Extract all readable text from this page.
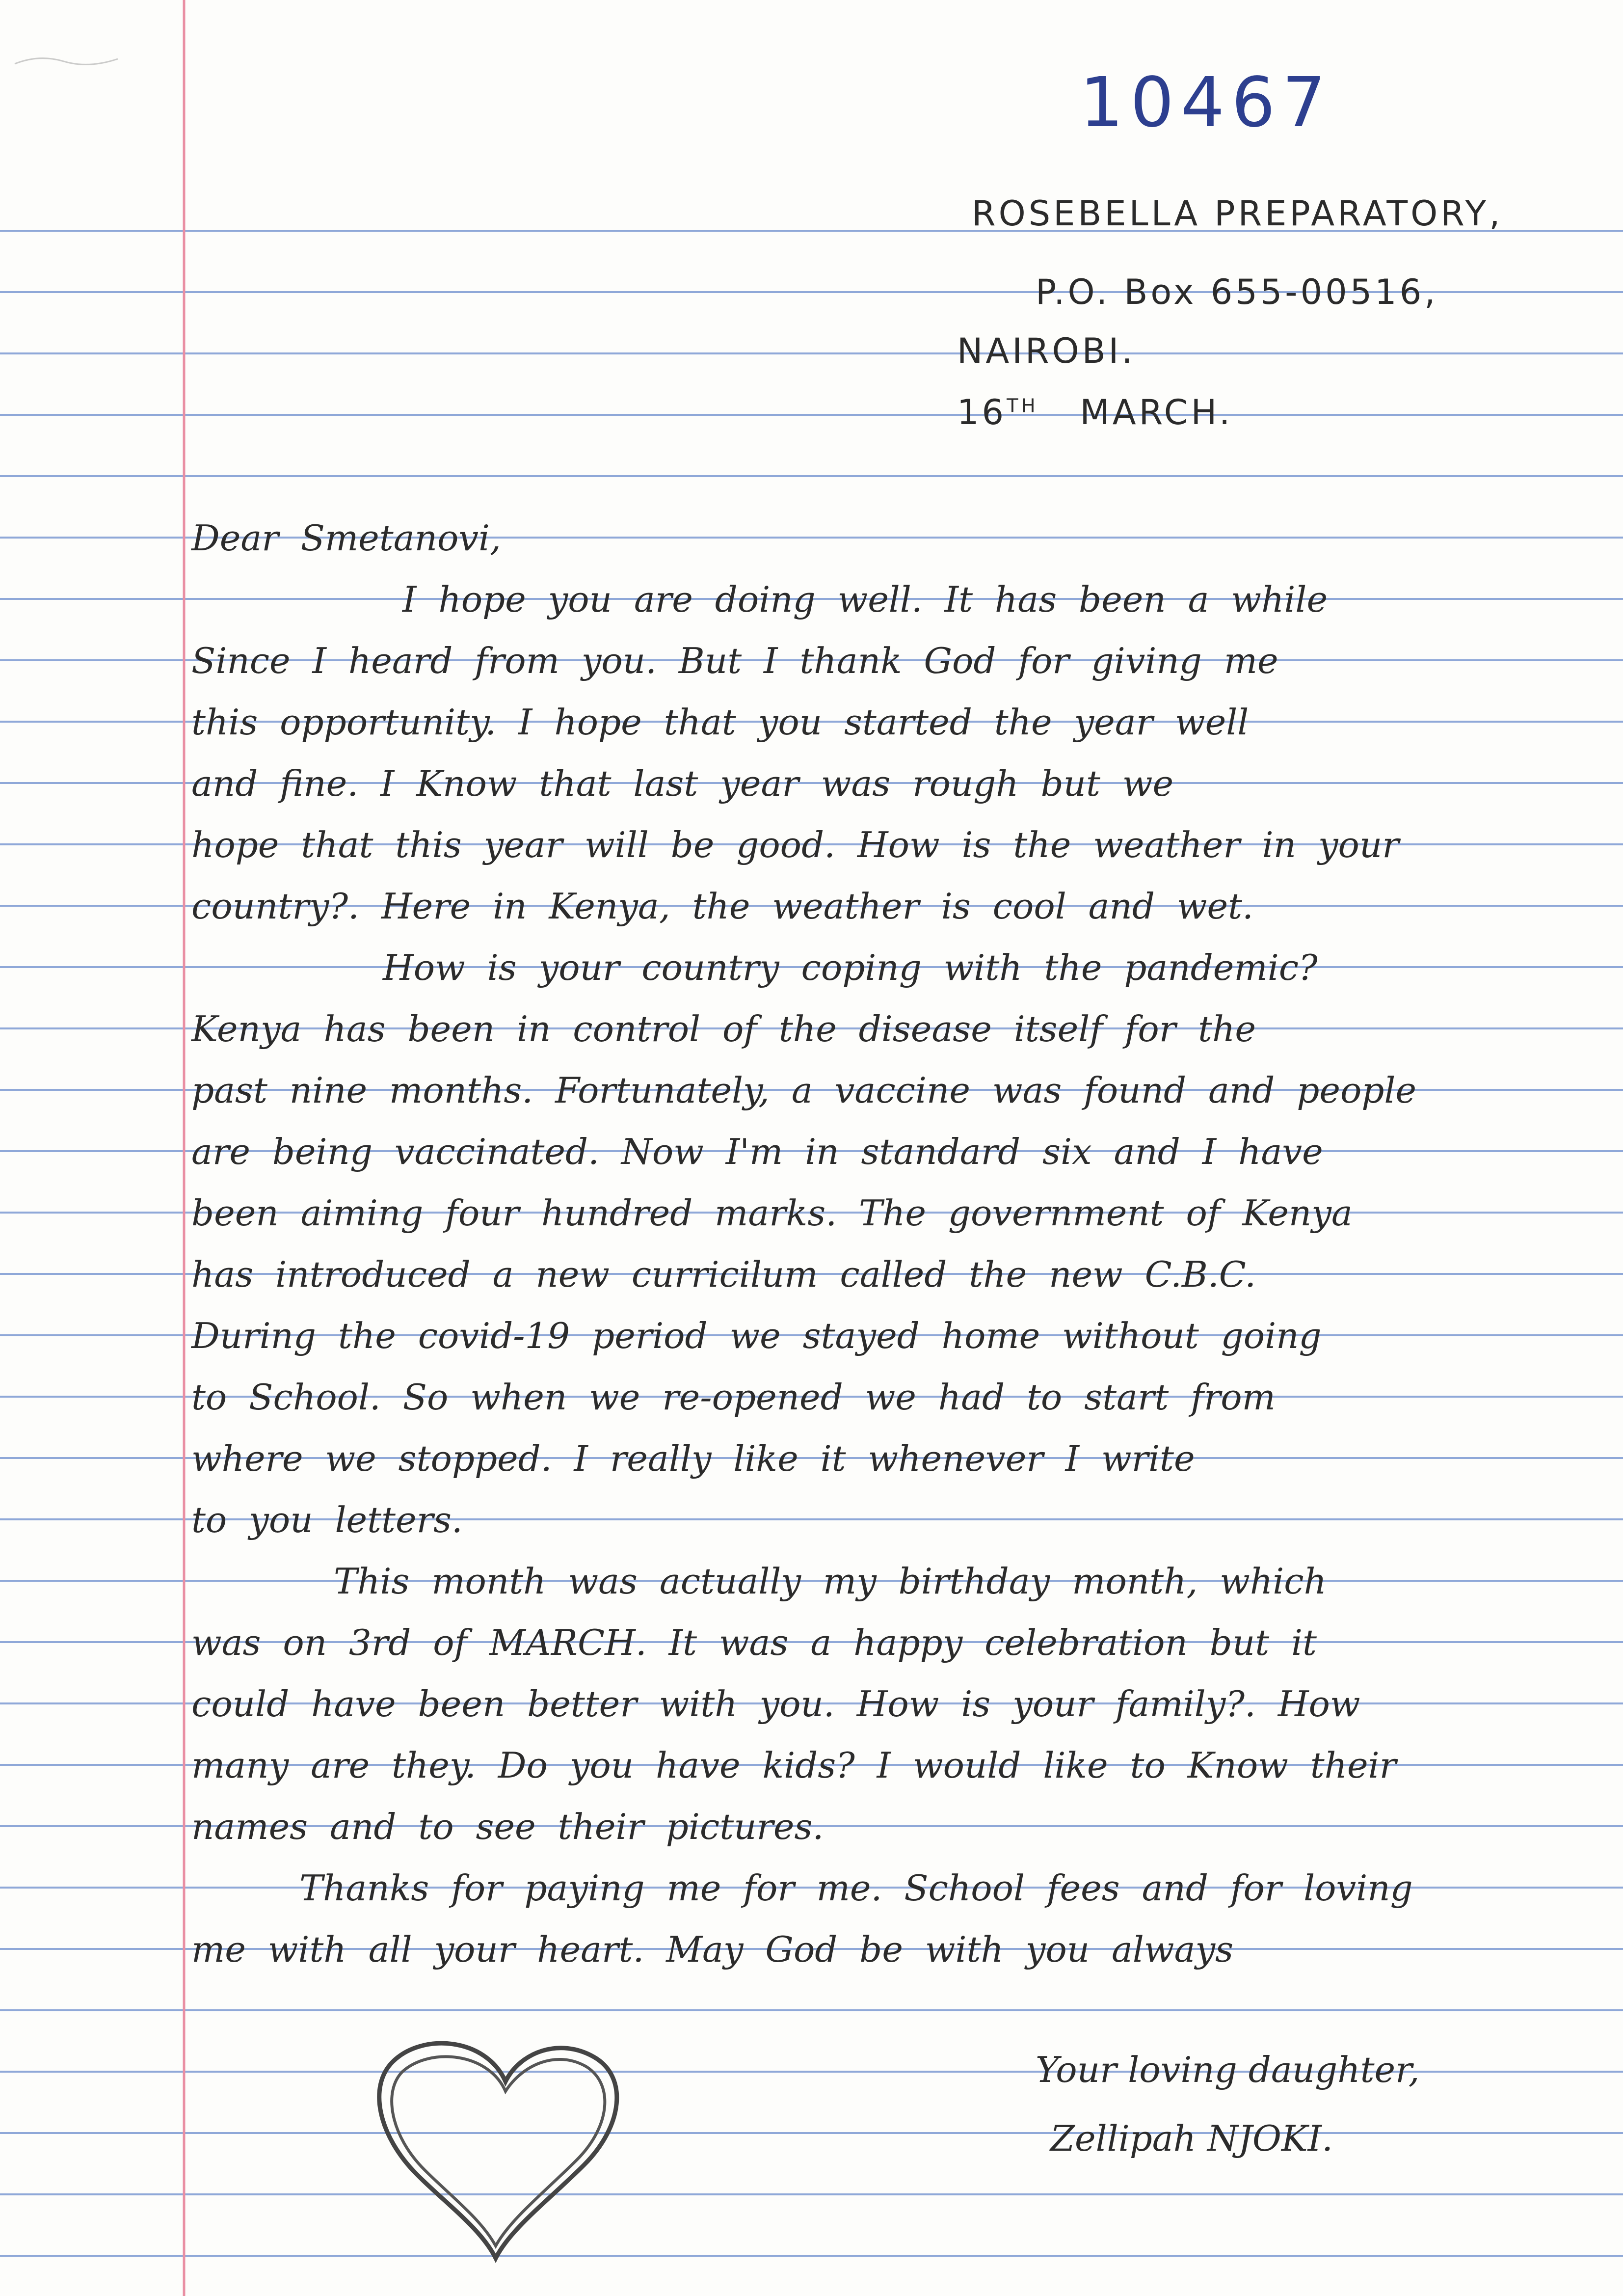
10467
ROSEBELLA PREPARATORY,
P.O. Box 655-00516,
NAIROBI.
16TH MARCH.
Dear Smetanovi,
I hope you are doing well. It has been a while
Since I heard from you. But I thank God for giving me
this opportunity. I hope that you started the year well
and fine. I Know that last year was rough but we
hope that this year will be good. How is the weather in your
country?. Here in Kenya, the weather is cool and wet.
How is your country coping with the pandemic?
Kenya has been in control of the disease itself for the
past nine months. Fortunately, a vaccine was found and people
are being vaccinated. Now I'm in standard six and I have
been aiming four hundred marks. The government of Kenya
has introduced a new curricilum called the new C.B.C.
During the covid-19 period we stayed home without going
to School. So when we re-opened we had to start from
where we stopped. I really like it whenever I write
to you letters.
This month was actually my birthday month, which
was on 3rd of MARCH. It was a happy celebration but it
could have been better with you. How is your family?. How
many are they. Do you have kids? I would like to Know their
names and to see their pictures.
Thanks for paying me for me. School fees and for loving
me with all your heart. May God be with you always
Your loving daughter,
Zellipah NJOKI.
